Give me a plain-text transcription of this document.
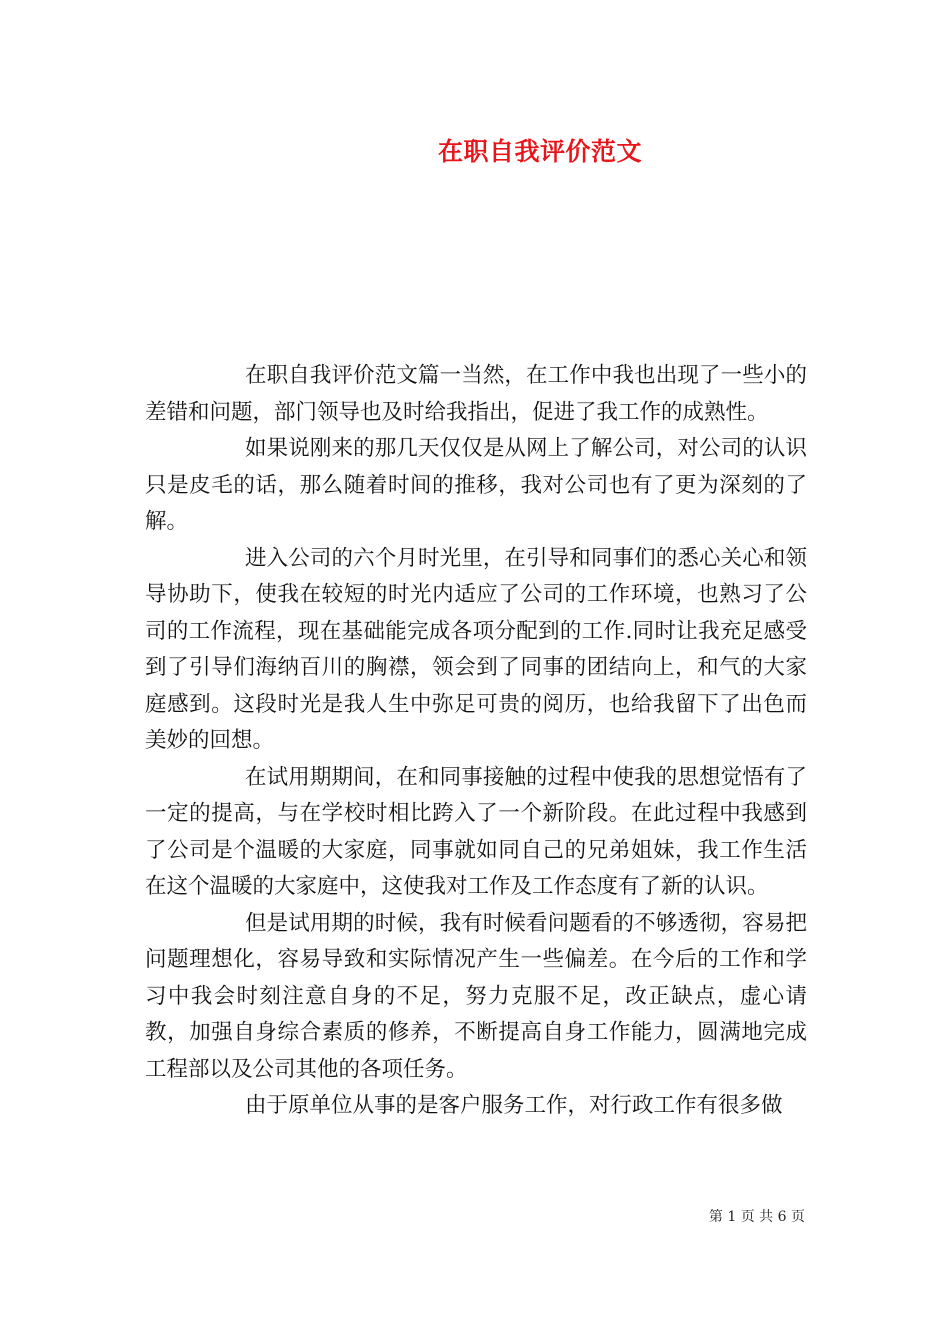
在职自我评价范文

在职自我评价范文篇一当然，在工作中我也出现了一些小的差错和问题，部门领导也及时给我指出，促进了我工作的成熟性。

如果说刚来的那几天仅仅是从网上了解公司，对公司的认识只是皮毛的话，那么随着时间的推移，我对公司也有了更为深刻的了解。

进入公司的六个月时光里，在引导和同事们的悉心关心和领导协助下，使我在较短的时光内适应了公司的工作环境，也熟习了公司的工作流程，现在基础能完成各项分配到的工作.同时让我充足感受到了引导们海纳百川的胸襟，领会到了同事的团结向上，和气的大家庭感到。这段时光是我人生中弥足可贵的阅历，也给我留下了出色而美妙的回想。

在试用期期间，在和同事接触的过程中使我的思想觉悟有了一定的提高，与在学校时相比跨入了一个新阶段。在此过程中我感到了公司是个温暖的大家庭，同事就如同自己的兄弟姐妹，我工作生活在这个温暖的大家庭中，这使我对工作及工作态度有了新的认识。

但是试用期的时候，我有时候看问题看的不够透彻，容易把问题理想化，容易导致和实际情况产生一些偏差。在今后的工作和学习中我会时刻注意自身的不足，努力克服不足，改正缺点，虚心请教，加强自身综合素质的修养，不断提高自身工作能力，圆满地完成工程部以及公司其他的各项任务。

由于原单位从事的是客户服务工作，对行政工作有很多做

第 1 页 共 6 页
